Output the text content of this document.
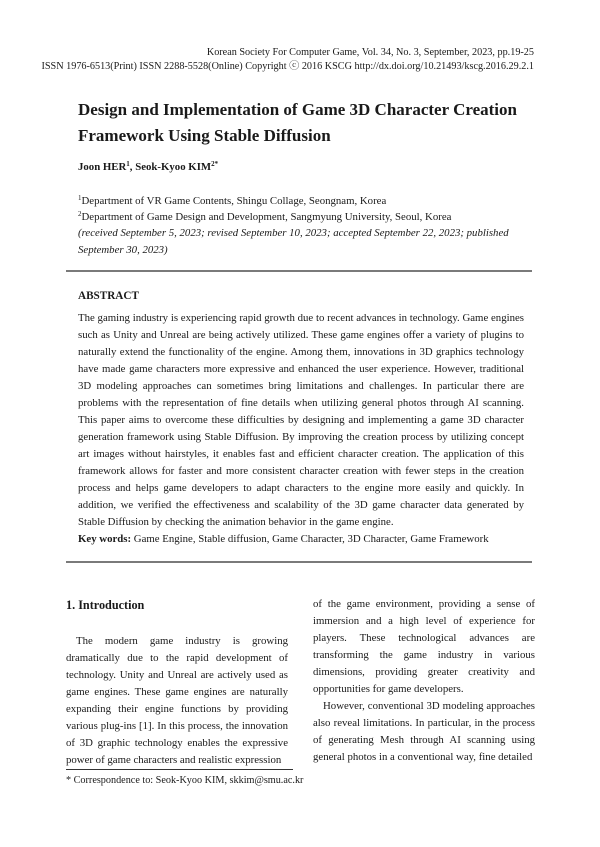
Korean Society For Computer Game, Vol. 34, No. 3, September, 2023, pp.19-25
ISSN 1976-6513(Print) ISSN 2288-5528(Online) Copyright ⓒ 2016 KSCG http://dx.doi.org/10.21493/kscg.2016.29.2.1
Design and Implementation of Game 3D Character Creation Framework Using Stable Diffusion
Joon HER$^1$, Seok-Kyoo $KIM^{2*}$
$^1$Department of VR Game Contents, Shingu Collage, Seongnam, Korea
$^2$Department of Game Design and Development, Sangmyung University, Seoul, Korea
(received September 5, 2023; revised September 10, 2023; accepted September 22, 2023; published September 30, 2023)
ABSTRACT
The gaming industry is experiencing rapid growth due to recent advances in technology. Game engines such as Unity and Unreal are being actively utilized. These game engines offer a variety of plugins to naturally extend the functionality of the engine. Among them, innovations in 3D graphics technology have made game characters more expressive and enhanced the user experience. However, traditional 3D modeling approaches can sometimes bring limitations and challenges. In particular there are problems with the representation of fine details when utilizing general photos through AI scanning. This paper aims to overcome these difficulties by designing and implementing a game 3D character generation framework using Stable Diffusion. By improving the creation process by utilizing concept art images without hairstyles, it enables fast and efficient character creation. The application of this framework allows for faster and more consistent character creation with fewer steps in the creation process and helps game developers to adapt characters to the engine more easily and quickly. In addition, we verified the effectiveness and scalability of the 3D game character data generated by Stable Diffusion by checking the animation behavior in the game engine.
Key words: Game Engine, Stable diffusion, Game Character, 3D Character, Game Framework
1. Introduction

The modern game industry is growing dramatically due to the rapid development of technology. Unity and Unreal are actively used as game engines. These game engines are naturally expanding their engine functions by providing various plug-ins [1]. In this process, the innovation of 3D graphic technology enables the expressive power of game characters and realistic expression

of the game environment, providing a sense of immersion and a high level of experience for players. These technological advances are transforming the game industry in various dimensions, providing greater creativity and opportunities for game developers.

However, conventional 3D modeling approaches also reveal limitations. In particular, in the process of generating Mesh through AI scanning using general photos in a conventional way, fine detailed

* Correspondence to: Seok-Kyoo KIM, skkim@smu.ac.kr
